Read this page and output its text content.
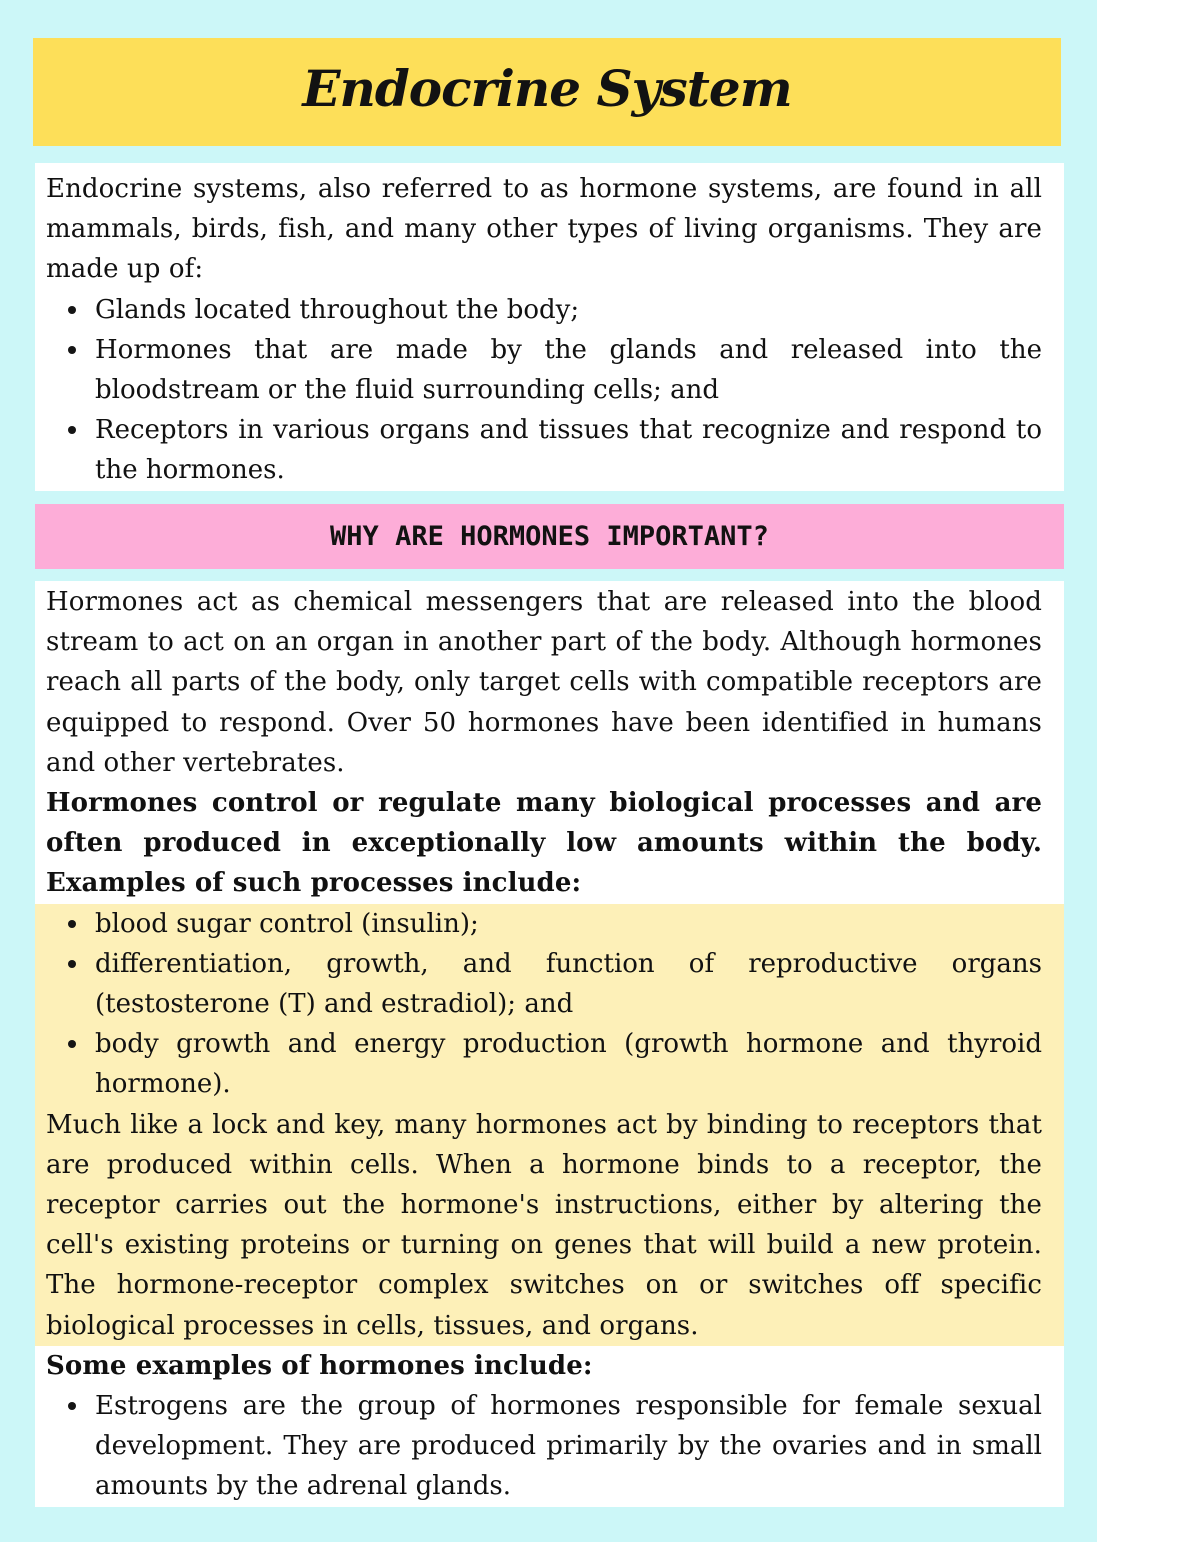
Endocrine System

Endocrine systems, also referred to as hormone systems, are found in all mammals, birds, fish, and many other types of living organisms. They are made up of:

Glands located throughout the body;
Hormones that are made by the glands and released into the bloodstream or the fluid surrounding cells; and
Receptors in various organs and tissues that recognize and respond to the hormones.
WHY ARE HORMONES IMPORTANT?

Hormones act as chemical messengers that are released into the blood stream to act on an organ in another part of the body. Although hormones reach all parts of the body, only target cells with compatible receptors are equipped to respond. Over 50 hormones have been identified in humans and other vertebrates.

Hormones control or regulate many biological processes and are often produced in exceptionally low amounts within the body. Examples of such processes include:

blood sugar control (insulin);
differentiation, growth, and function of reproductive organs (testosterone (T) and estradiol); and
body growth and energy production (growth hormone and thyroid hormone).

Much like a lock and key, many hormones act by binding to receptors that are produced within cells. When a hormone binds to a receptor, the receptor carries out the hormone's instructions, either by altering the cell's existing proteins or turning on genes that will build a new protein. The hormone-receptor complex switches on or switches off specific biological processes in cells, tissues, and organs.

Some examples of hormones include:

Estrogens are the group of hormones responsible for female sexual development. They are produced primarily by the ovaries and in small amounts by the adrenal glands.
